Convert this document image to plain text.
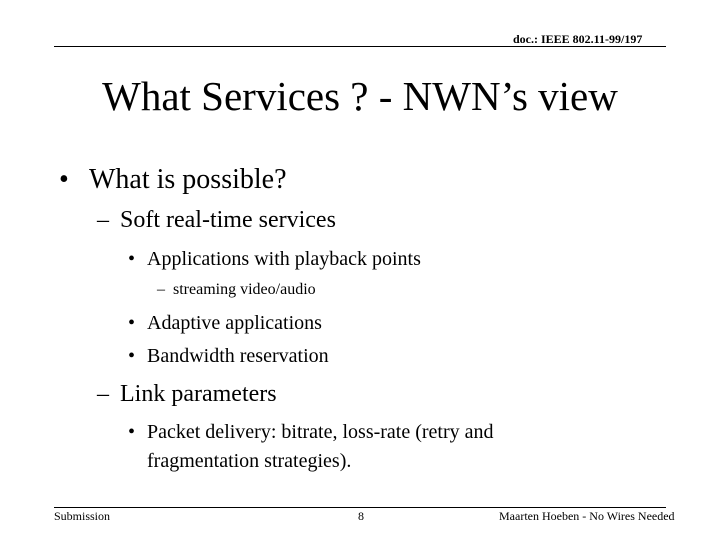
doc.: IEEE 802.11-99/197
What Services ? - NWN’s view
• What is possible?
– Soft real-time services
• Applications with playback points
– streaming video/audio
• Adaptive applications
• Bandwidth reservation
– Link parameters
• Packet delivery: bitrate, loss-rate (retry and
fragmentation strategies).
Submission	8	Maarten Hoeben - No Wires Needed
